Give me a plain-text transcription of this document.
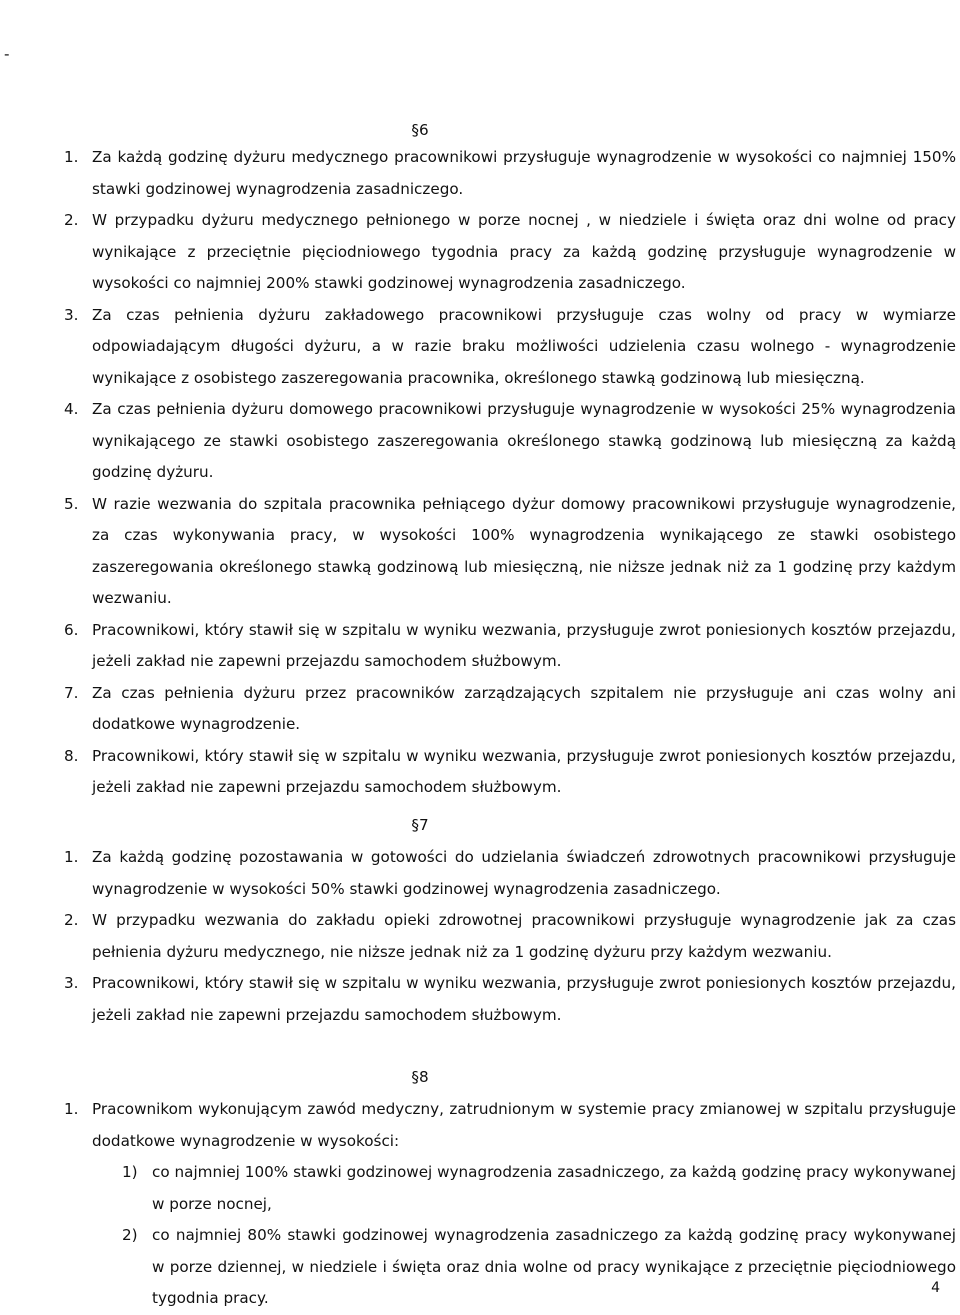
-
§6
1. Za każdą godzinę dyżuru medycznego pracownikowi przysługuje wynagrodzenie w wysokości co najmniej 150% stawki godzinowej wynagrodzenia zasadniczego.
2. W przypadku dyżuru medycznego pełnionego w porze nocnej , w niedziele i święta oraz dni wolne od pracy wynikające z przeciętnie pięciodniowego tygodnia pracy za każdą godzinę przysługuje wynagrodzenie w wysokości co najmniej 200% stawki godzinowej wynagrodzenia zasadniczego.
3. Za czas pełnienia dyżuru zakładowego pracownikowi przysługuje czas wolny od pracy w wymiarze odpowiadającym długości dyżuru, a w razie braku możliwości udzielenia czasu wolnego - wynagrodzenie wynikające z osobistego zaszeregowania pracownika, określonego stawką godzinową lub miesięczną.
4. Za czas pełnienia dyżuru domowego pracownikowi przysługuje wynagrodzenie w wysokości 25% wynagrodzenia wynikającego ze stawki osobistego zaszeregowania określonego stawką godzinową lub miesięczną za każdą godzinę dyżuru.
5. W razie wezwania do szpitala pracownika pełniącego dyżur domowy pracownikowi przysługuje wynagrodzenie, za czas wykonywania pracy, w wysokości 100% wynagrodzenia wynikającego ze stawki osobistego zaszeregowania określonego stawką godzinową lub miesięczną, nie niższe jednak niż za 1 godzinę przy każdym wezwaniu.
6. Pracownikowi, który stawił się w szpitalu w wyniku wezwania, przysługuje zwrot poniesionych kosztów przejazdu, jeżeli zakład nie zapewni przejazdu samochodem służbowym.
7. Za czas pełnienia dyżuru przez pracowników zarządzających szpitalem nie przysługuje ani czas wolny ani dodatkowe wynagrodzenie.
8. Pracownikowi, który stawił się w szpitalu w wyniku wezwania, przysługuje zwrot poniesionych kosztów przejazdu, jeżeli zakład nie zapewni przejazdu samochodem służbowym.
§7
1. Za każdą godzinę pozostawania w gotowości do udzielania świadczeń zdrowotnych pracownikowi przysługuje wynagrodzenie w wysokości 50% stawki godzinowej wynagrodzenia zasadniczego.
2. W przypadku wezwania do zakładu opieki zdrowotnej pracownikowi przysługuje wynagrodzenie jak za czas pełnienia dyżuru medycznego, nie niższe jednak niż za 1 godzinę dyżuru przy każdym wezwaniu.
3. Pracownikowi, który stawił się w szpitalu w wyniku wezwania, przysługuje zwrot poniesionych kosztów przejazdu, jeżeli zakład nie zapewni przejazdu samochodem służbowym.
§8
1. Pracownikom wykonującym zawód medyczny, zatrudnionym w systemie pracy zmianowej w szpitalu przysługuje dodatkowe wynagrodzenie w wysokości:
1) co najmniej 100% stawki godzinowej wynagrodzenia zasadniczego, za każdą godzinę pracy wykonywanej w porze nocnej,
2) co najmniej 80% stawki godzinowej wynagrodzenia zasadniczego za każdą godzinę pracy wykonywanej w porze dziennej, w niedziele i święta oraz dnia wolne od pracy wynikające z przeciętnie pięciodniowego tygodnia pracy.
4
